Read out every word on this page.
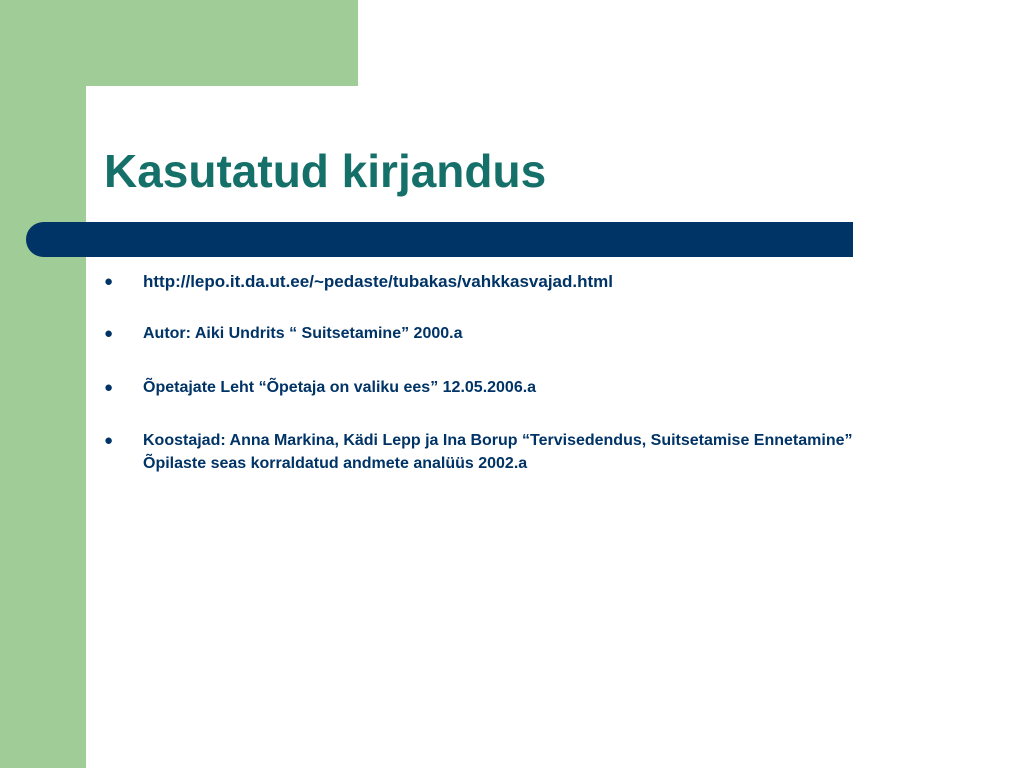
Kasutatud kirjandus
● http://lepo.it.da.ut.ee/~pedaste/tubakas/vahkkasvajad.html
●	Autor: Aiki Undrits “ Suitsetamine” 2000.a
●	Õpetajate Leht “Õpetaja on valiku ees” 12.05.2006.a
●	Koostajad: Anna Markina, Kädi Lepp ja Ina Borup “Tervisedendus, Suitsetamise Ennetamine” Õpilaste seas korraldatud andmete analüüs 2002.a
